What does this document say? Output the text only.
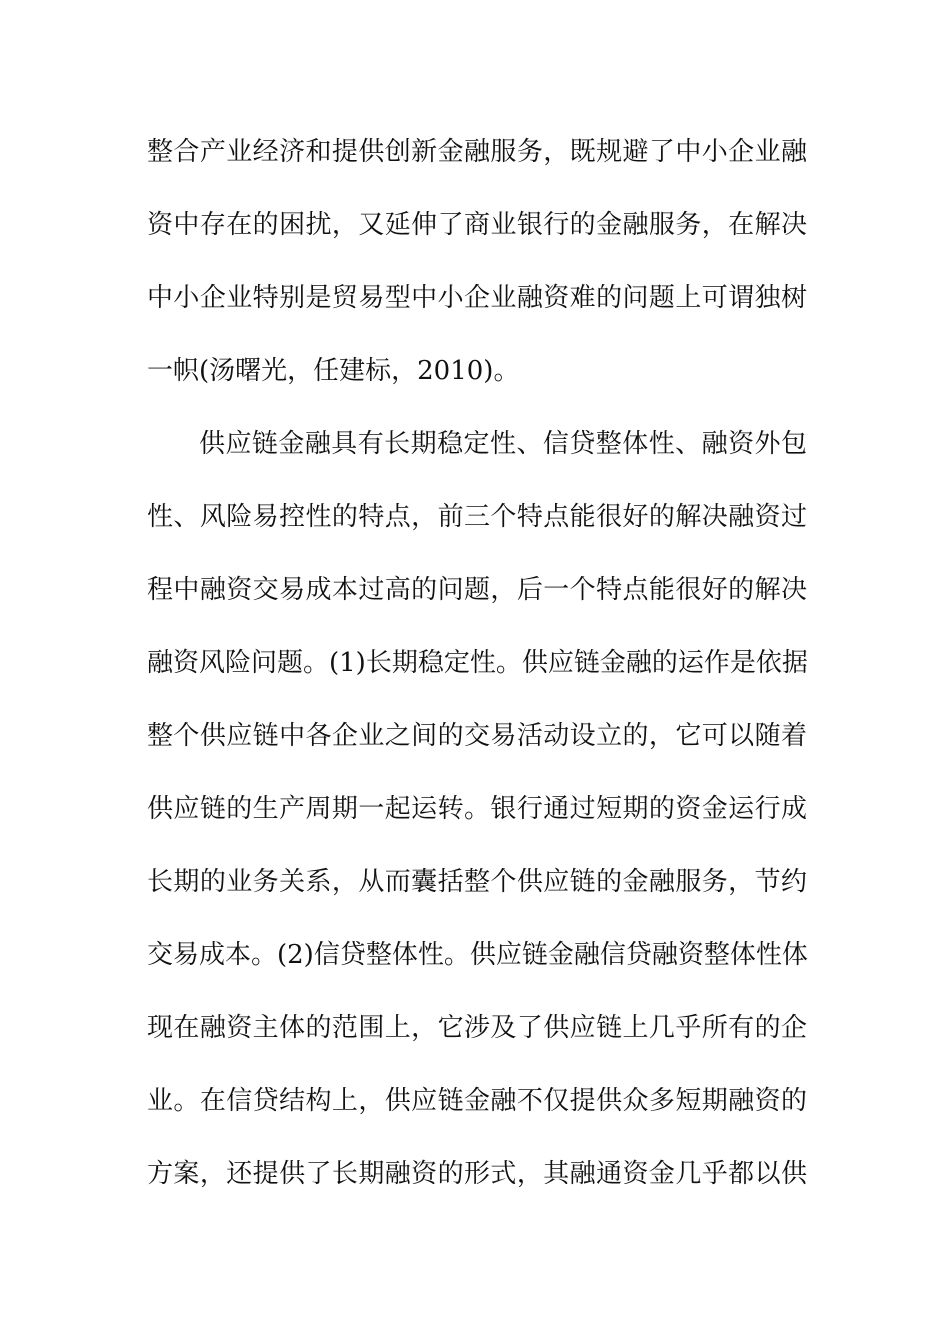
整合产业经济和提供创新金融服务，既规避了中小企业融
资中存在的困扰，又延伸了商业银行的金融服务，在解决
中小企业特别是贸易型中小企业融资难的问题上可谓独树
一帜(汤曙光，任建标，2010)。
供应链金融具有长期稳定性、信贷整体性、融资外包
性、风险易控性的特点，前三个特点能很好的解决融资过
程中融资交易成本过高的问题，后一个特点能很好的解决
融资风险问题。(1)长期稳定性。供应链金融的运作是依据
整个供应链中各企业之间的交易活动设立的，它可以随着
供应链的生产周期一起运转。银行通过短期的资金运行成
长期的业务关系，从而囊括整个供应链的金融服务，节约
交易成本。(2)信贷整体性。供应链金融信贷融资整体性体
现在融资主体的范围上，它涉及了供应链上几乎所有的企
业。在信贷结构上，供应链金融不仅提供众多短期融资的
方案，还提供了长期融资的形式，其融通资金几乎都以供
